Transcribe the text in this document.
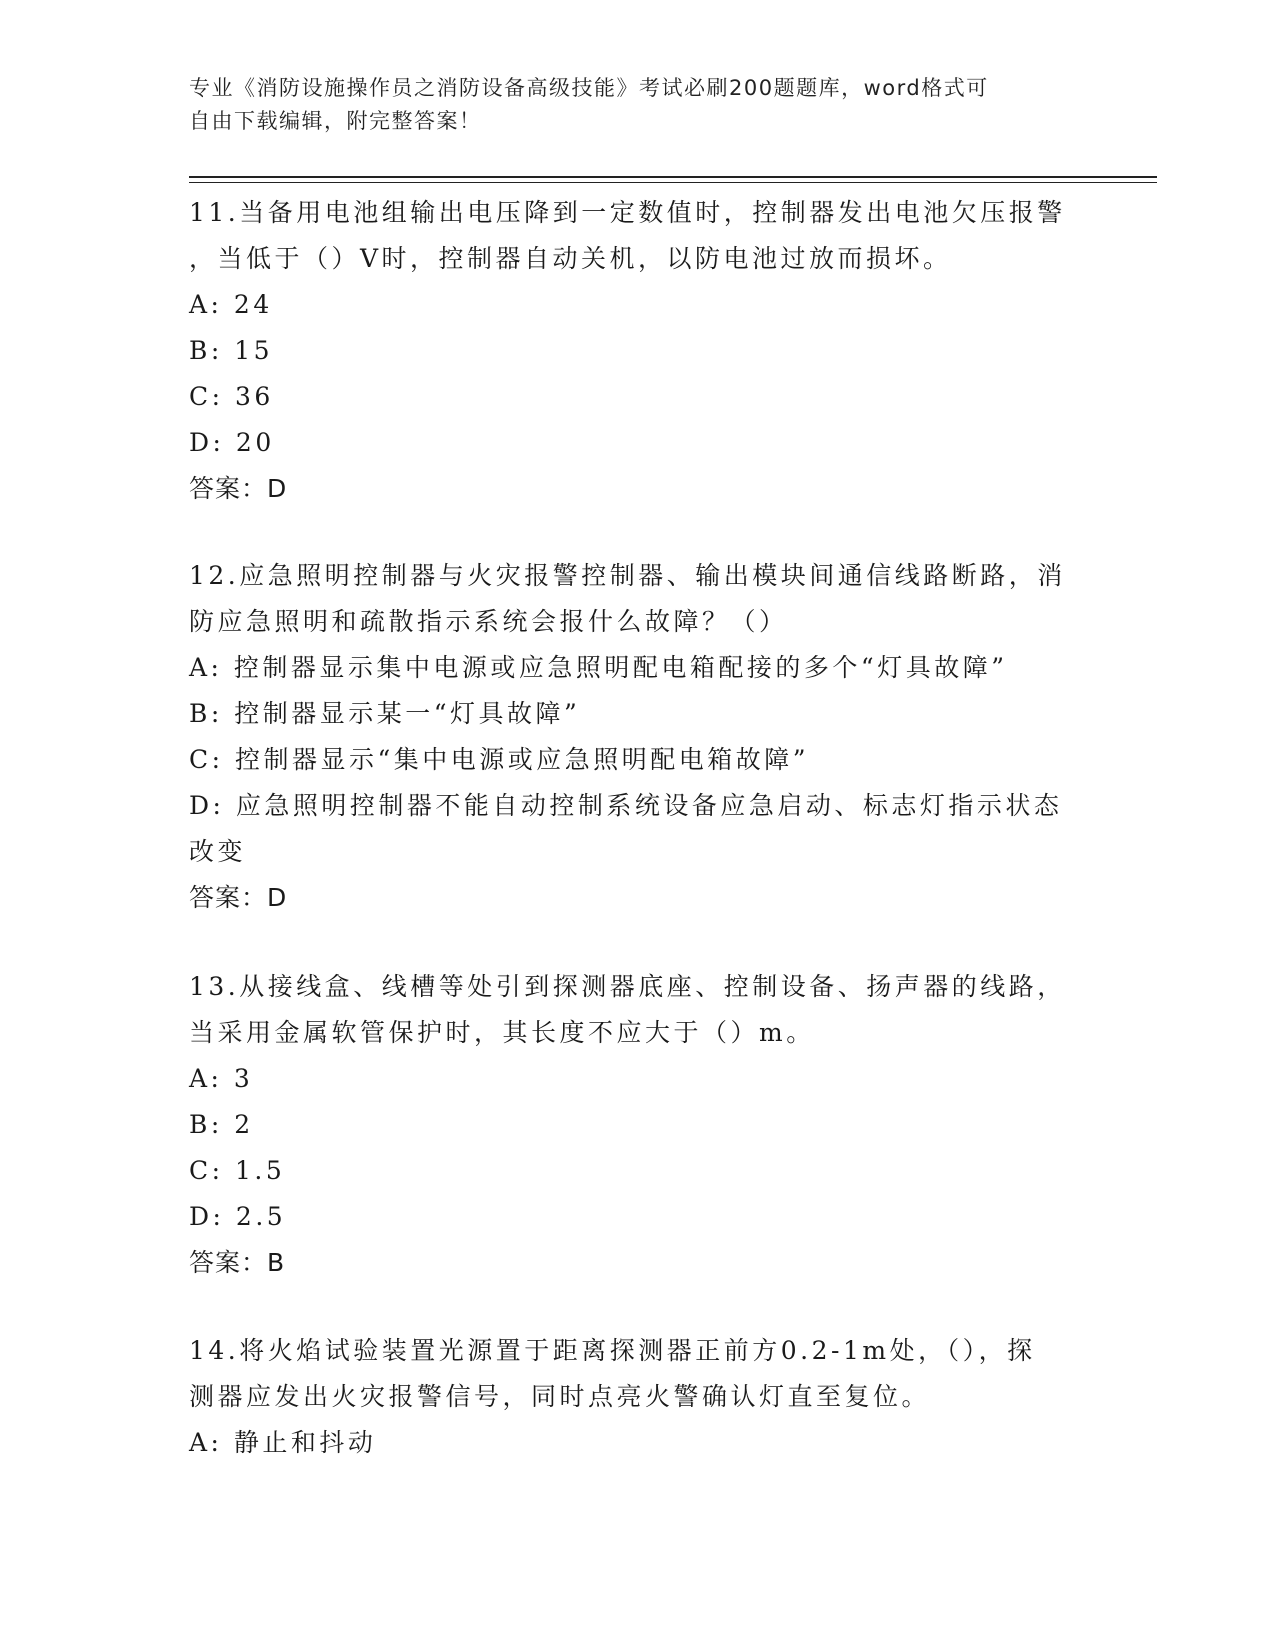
专业《消防设施操作员之消防设备高级技能》考试必刷200题题库，word格式可
自由下载编辑，附完整答案！

11.当备用电池组输出电压降到一定数值时，控制器发出电池欠压报警

，当低于（）V时，控制器自动关机，以防电池过放而损坏。

A: 24

B: 15

C: 36

D: 20

答案：D

12.应急照明控制器与火灾报警控制器、输出模块间通信线路断路，消

防应急照明和疏散指示系统会报什么故障？（）

A: 控制器显示集中电源或应急照明配电箱配接的多个“灯具故障”

B: 控制器显示某一“灯具故障”

C: 控制器显示“集中电源或应急照明配电箱故障”

D: 应急照明控制器不能自动控制系统设备应急启动、标志灯指示状态

改变

答案：D

13.从接线盒、线槽等处引到探测器底座、控制设备、扬声器的线路，

当采用金属软管保护时，其长度不应大于（）m。

A: 3

B: 2

C: 1.5

D: 2.5

答案：B

14.将火焰试验装置光源置于距离探测器正前方0.2-1m处，（），探

测器应发出火灾报警信号，同时点亮火警确认灯直至复位。

A: 静止和抖动
